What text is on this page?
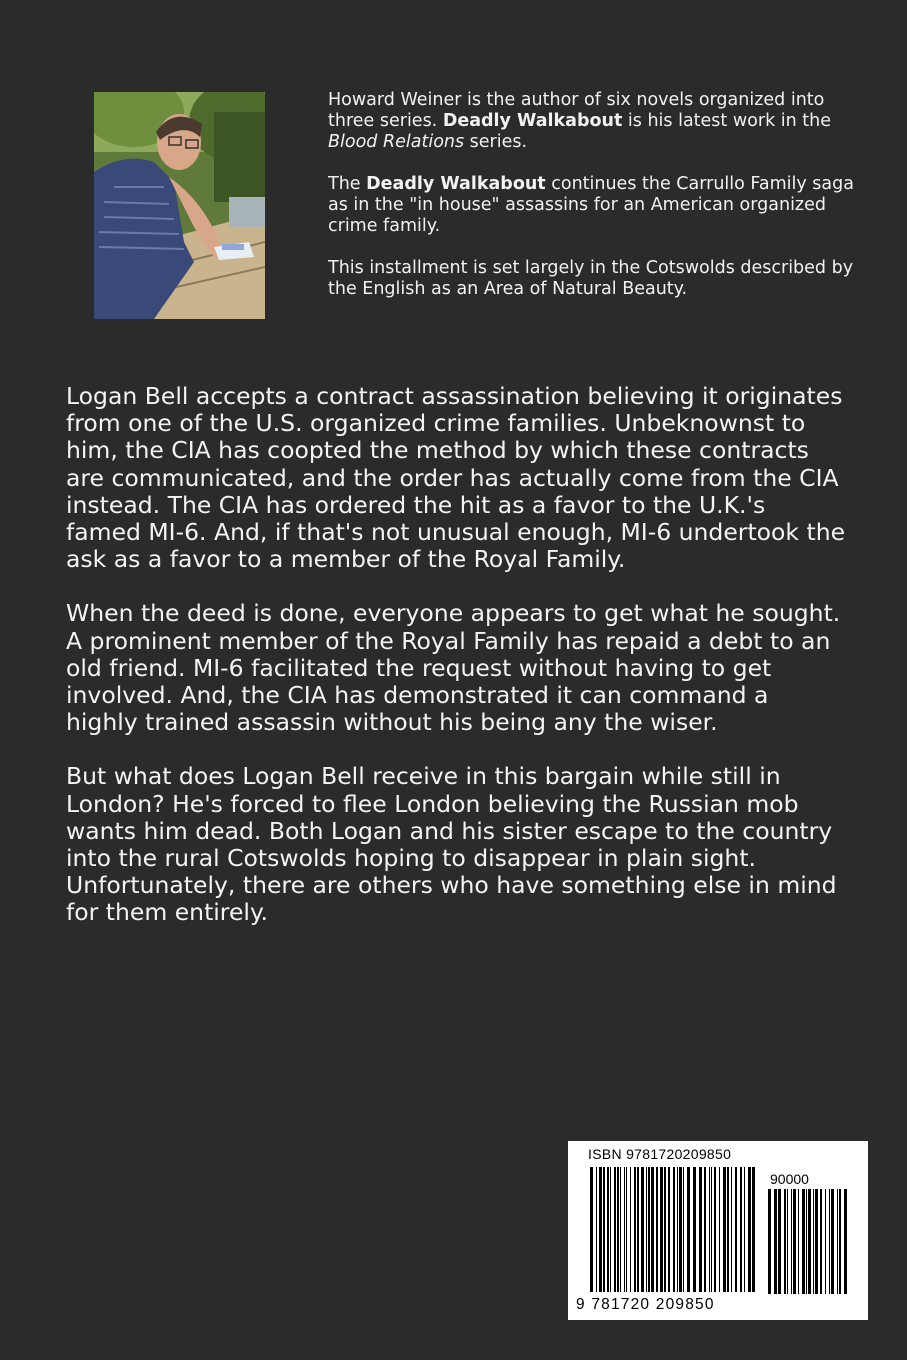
Howard Weiner is the author of six novels organized into three series. Deadly Walkabout is his latest work in the Blood Relations series.

The Deadly Walkabout continues the Carrullo Family saga as in the "in house" assassins for an American organized crime family.

This installment is set largely in the Cotswolds described by the English as an Area of Natural Beauty.

Logan Bell accepts a contract assassination believing it originates from one of the U.S. organized crime families. Unbeknownst to him, the CIA has coopted the method by which these contracts are communicated, and the order has actually come from the CIA instead. The CIA has ordered the hit as a favor to the U.K.'s famed MI-6. And, if that's not unusual enough, MI-6 undertook the ask as a favor to a member of the Royal Family.

When the deed is done, everyone appears to get what he sought. A prominent member of the Royal Family has repaid a debt to an old friend. MI-6 facilitated the request without having to get involved. And, the CIA has demonstrated it can command a highly trained assassin without his being any the wiser.

But what does Logan Bell receive in this bargain while still in London? He's forced to flee London believing the Russian mob wants him dead. Both Logan and his sister escape to the country into the rural Cotswolds hoping to disappear in plain sight. Unfortunately, there are others who have something else in mind for them entirely.

ISBN 9781720209850
90000
9 781720 209850
